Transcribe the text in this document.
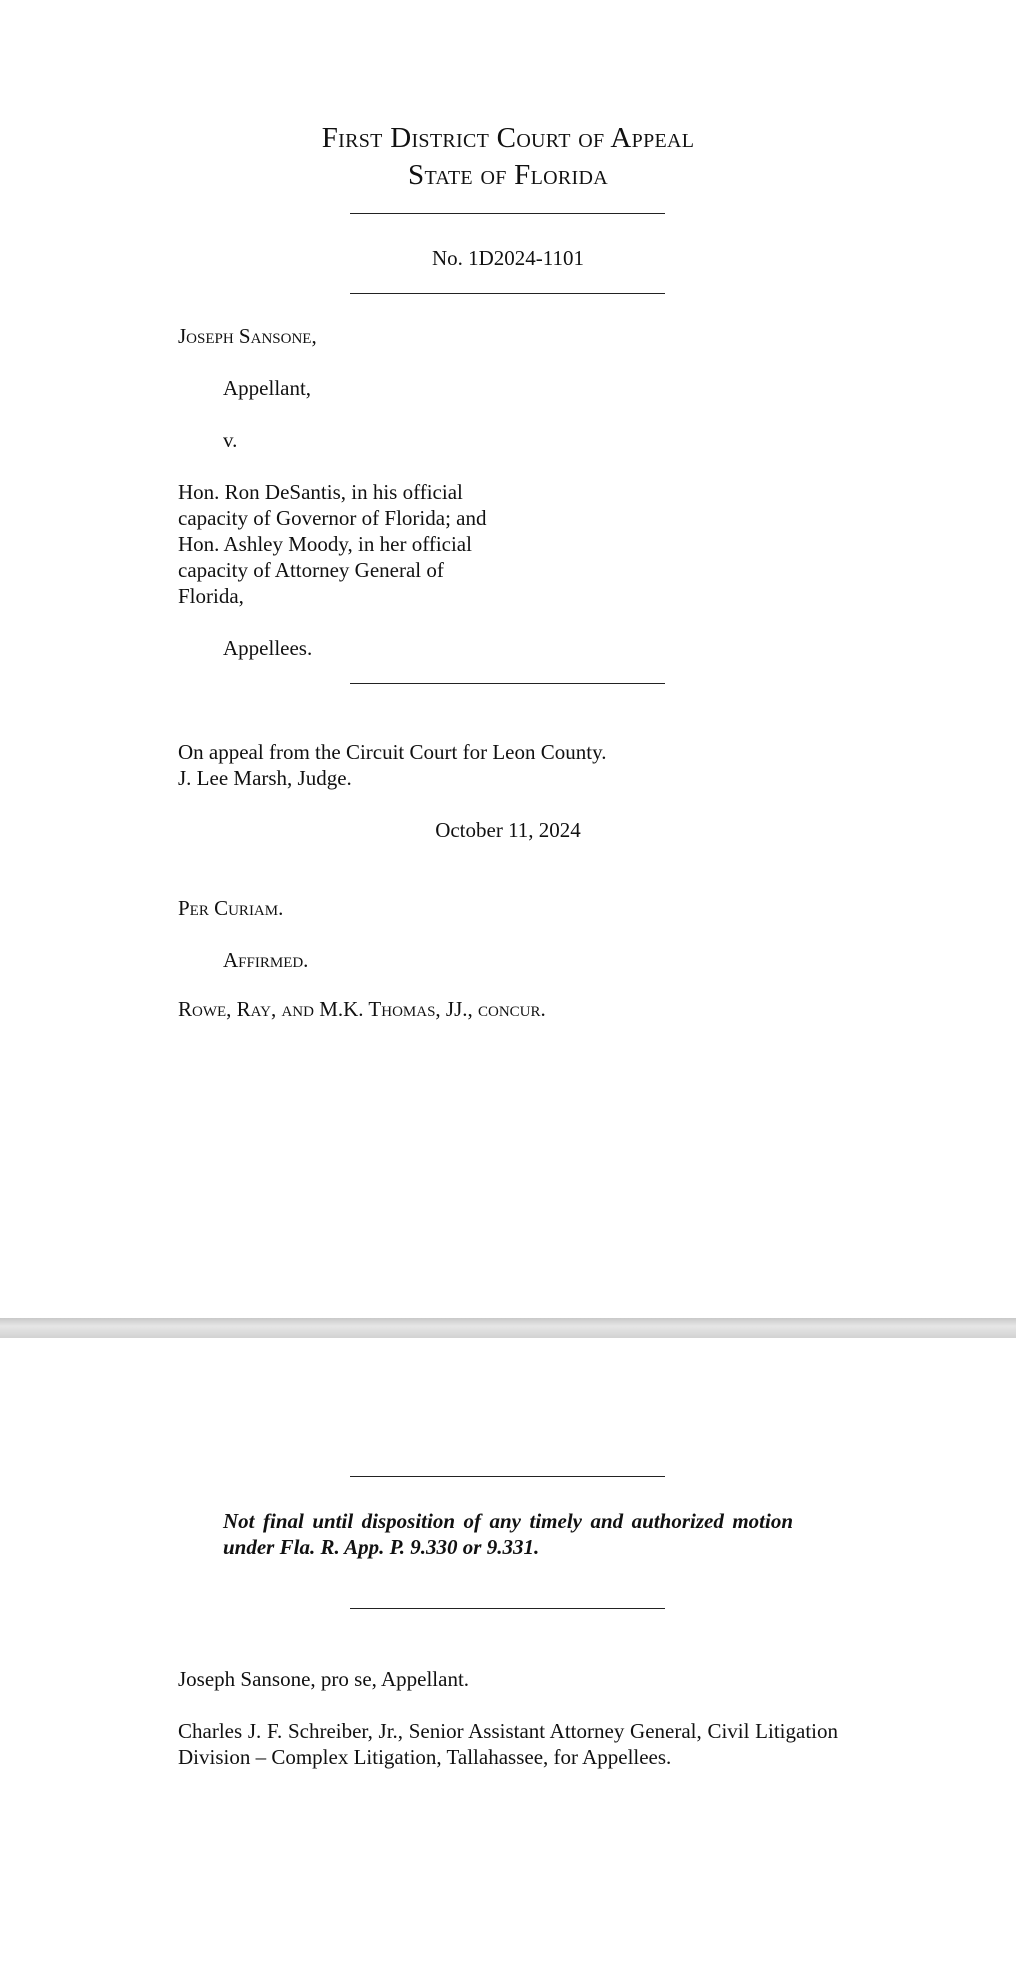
First District Court of Appeal
State of Florida
No. 1D2024-1101
Joseph Sansone,
Appellant,
v.
Hon. Ron DeSantis, in his official capacity of Governor of Florida; and Hon. Ashley Moody, in her official capacity of Attorney General of Florida,
Appellees.
On appeal from the Circuit Court for Leon County.
J. Lee Marsh, Judge.
October 11, 2024
Per Curiam.
Affirmed.
Rowe, Ray, and M.K. Thomas, JJ., concur.
Not final until disposition of any timely and authorized motion under Fla. R. App. P. 9.330 or 9.331.
Joseph Sansone, pro se, Appellant.
Charles J. F. Schreiber, Jr., Senior Assistant Attorney General, Civil Litigation Division – Complex Litigation, Tallahassee, for Appellees.
